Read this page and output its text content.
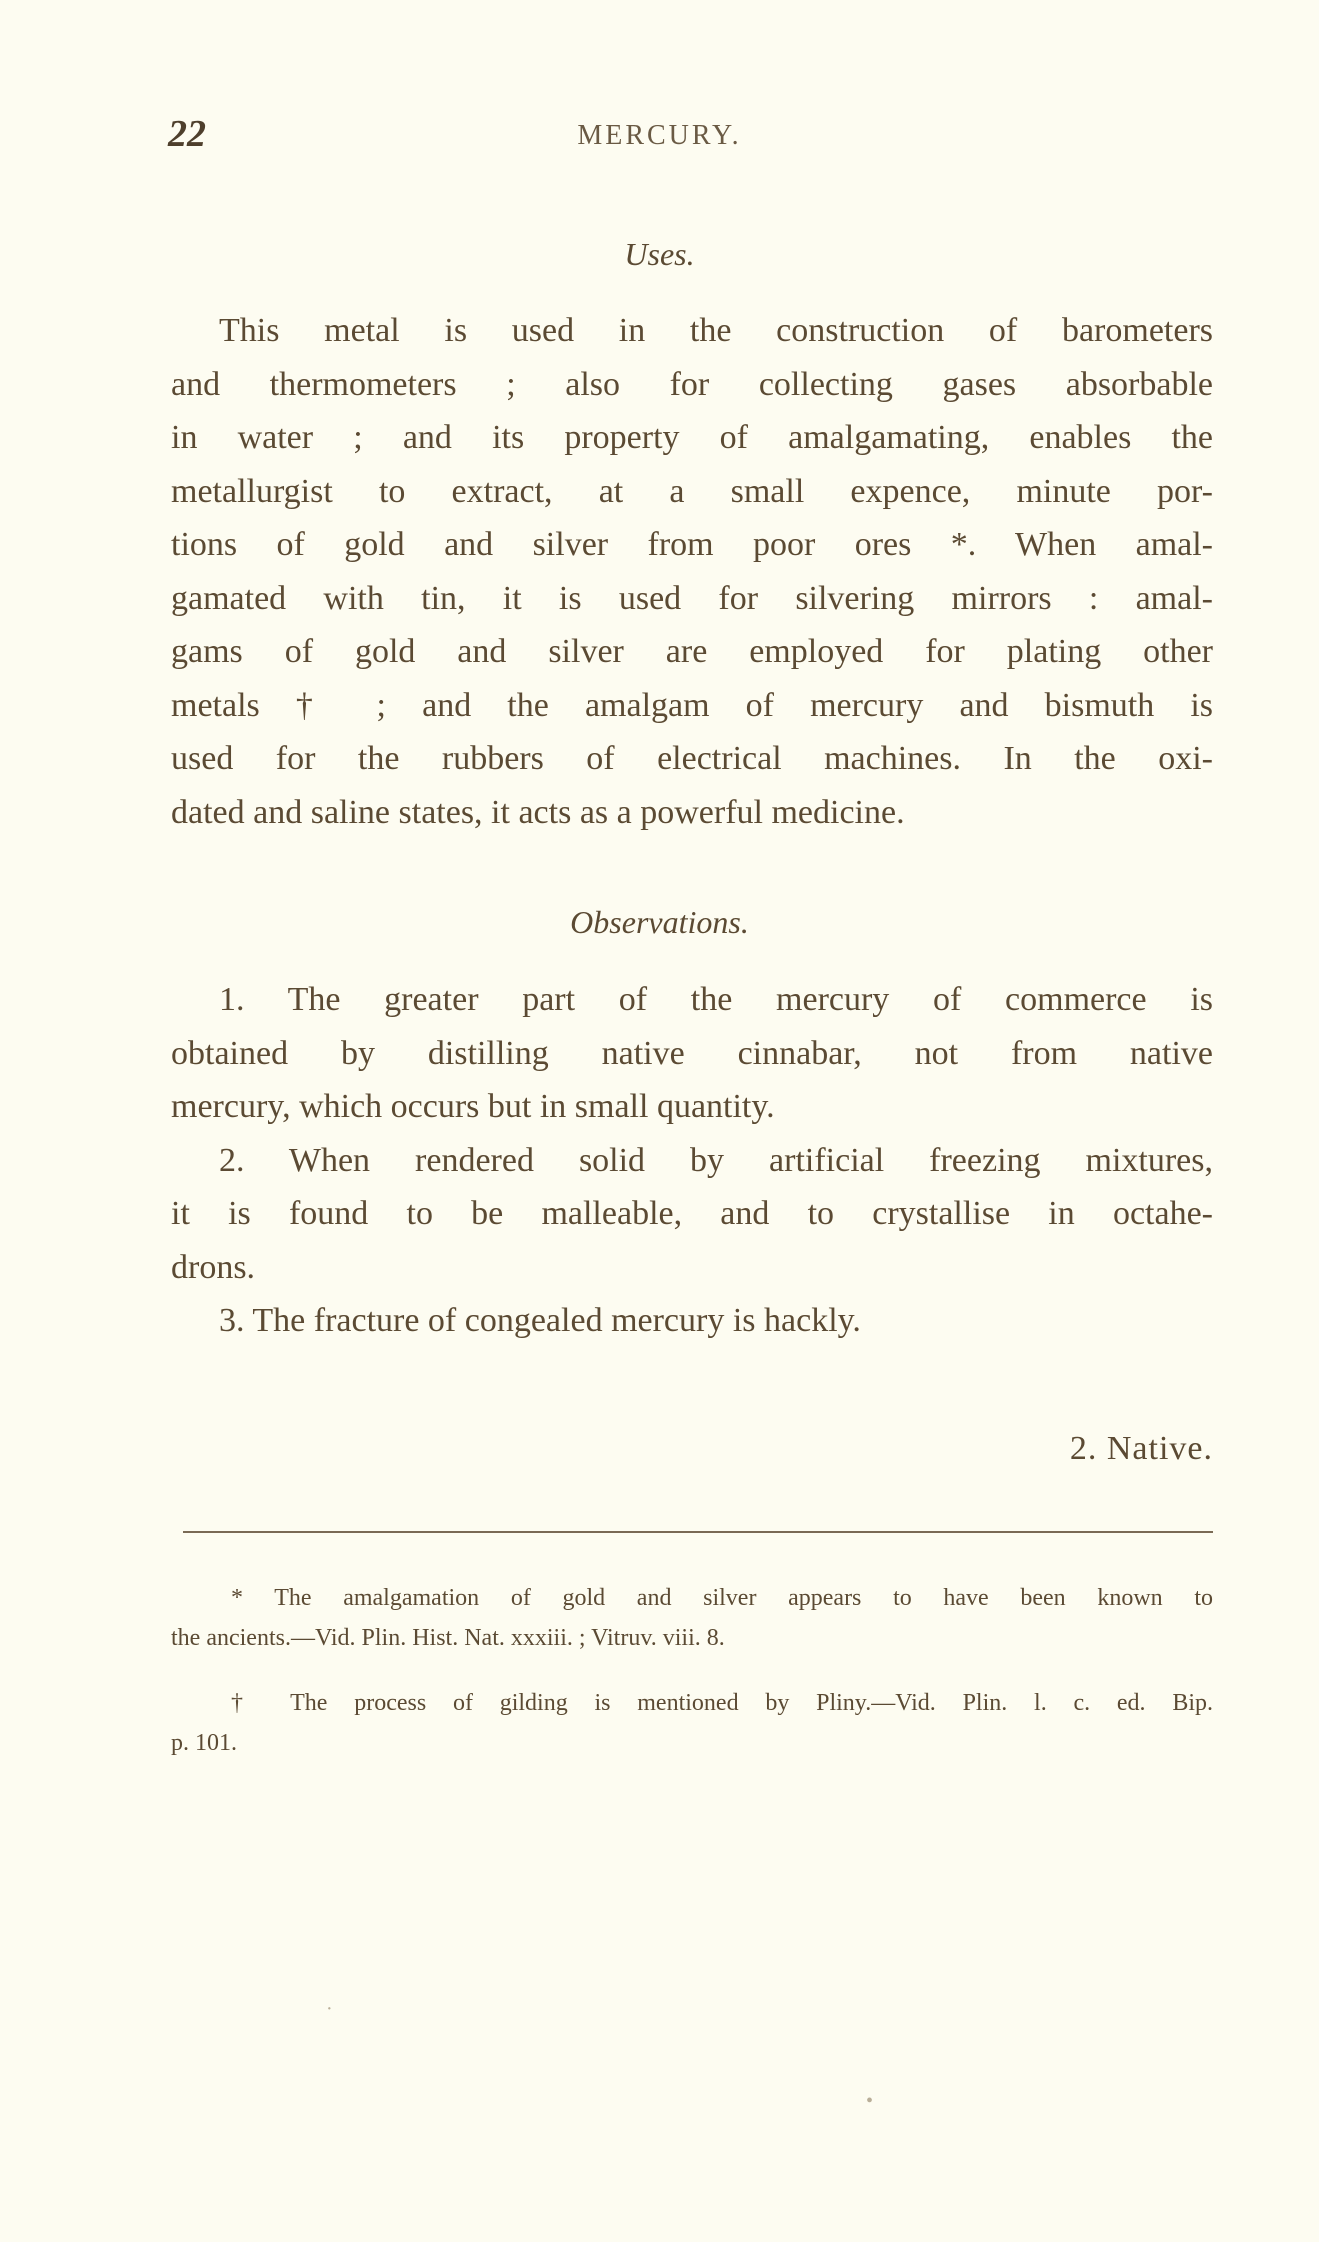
22	MERCURY.
Uses.
This metal is used in the construction of barometers
and thermometers ; also for collecting gases absorbable
in water ; and its property of amalgamating, enables the
metallurgist to extract, at a small expence, minute por-
tions of gold and silver from poor ores *. When amal-
gamated with tin, it is used for silvering mirrors : amal-
gams of gold and silver are employed for plating other
metals † ; and the amalgam of mercury and bismuth is
used for the rubbers of electrical machines. In the oxi-
dated and saline states, it acts as a powerful medicine.
Observations.
1. The greater part of the mercury of commerce is
obtained by distilling native cinnabar, not from native
mercury, which occurs but in small quantity.
2. When rendered solid by artificial freezing mixtures,
it is found to be malleable, and to crystallise in octahe-
drons.
3. The fracture of congealed mercury is hackly.
2. Native.
* The amalgamation of gold and silver appears to have been known to
the ancients.—Vid. Plin. Hist. Nat. xxxiii. ; Vitruv. viii. 8.
† The process of gilding is mentioned by Pliny.—Vid. Plin. l. c. ed. Bip.
p. 101.
·
•
